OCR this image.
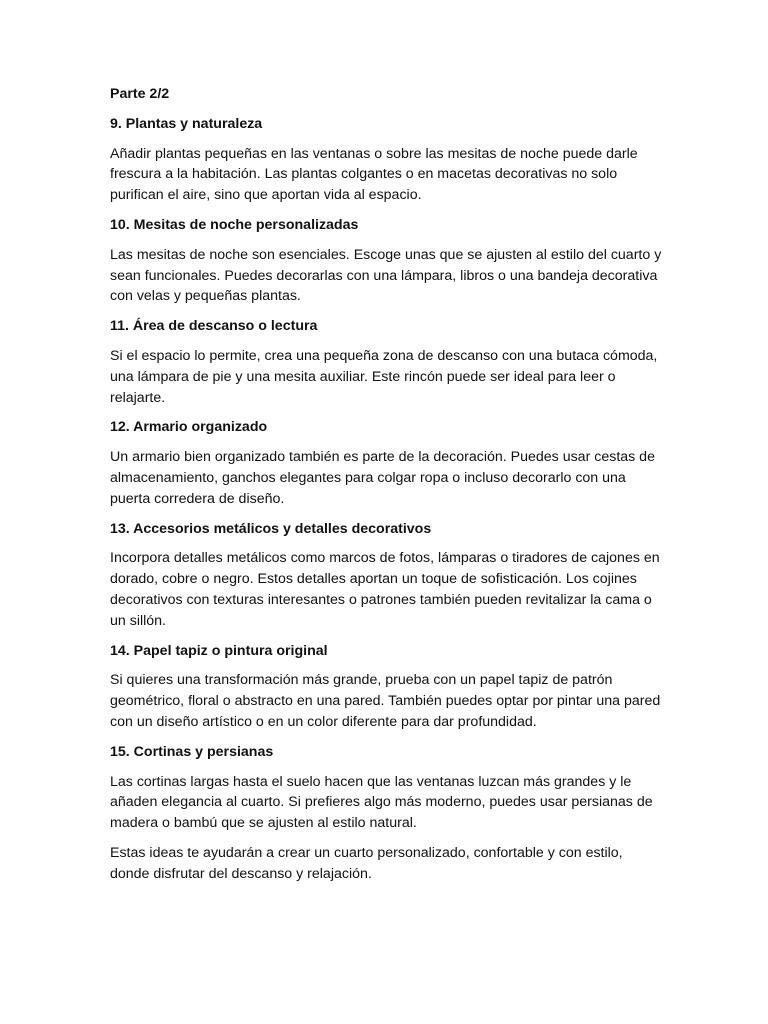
Parte 2/2

9. Plantas y naturaleza

Añadir plantas pequeñas en las ventanas o sobre las mesitas de noche puede darle frescura a la habitación. Las plantas colgantes o en macetas decorativas no solo purifican el aire, sino que aportan vida al espacio.

10. Mesitas de noche personalizadas

Las mesitas de noche son esenciales. Escoge unas que se ajusten al estilo del cuarto y sean funcionales. Puedes decorarlas con una lámpara, libros o una bandeja decorativa con velas y pequeñas plantas.

11. Área de descanso o lectura

Si el espacio lo permite, crea una pequeña zona de descanso con una butaca cómoda, una lámpara de pie y una mesita auxiliar. Este rincón puede ser ideal para leer o relajarte.

12. Armario organizado

Un armario bien organizado también es parte de la decoración. Puedes usar cestas de almacenamiento, ganchos elegantes para colgar ropa o incluso decorarlo con una puerta corredera de diseño.

13. Accesorios metálicos y detalles decorativos

Incorpora detalles metálicos como marcos de fotos, lámparas o tiradores de cajones en dorado, cobre o negro. Estos detalles aportan un toque de sofisticación. Los cojines decorativos con texturas interesantes o patrones también pueden revitalizar la cama o un sillón.

14. Papel tapiz o pintura original

Si quieres una transformación más grande, prueba con un papel tapiz de patrón geométrico, floral o abstracto en una pared. También puedes optar por pintar una pared con un diseño artístico o en un color diferente para dar profundidad.

15. Cortinas y persianas

Las cortinas largas hasta el suelo hacen que las ventanas luzcan más grandes y le añaden elegancia al cuarto. Si prefieres algo más moderno, puedes usar persianas de madera o bambú que se ajusten al estilo natural.

Estas ideas te ayudarán a crear un cuarto personalizado, confortable y con estilo, donde disfrutar del descanso y relajación.
